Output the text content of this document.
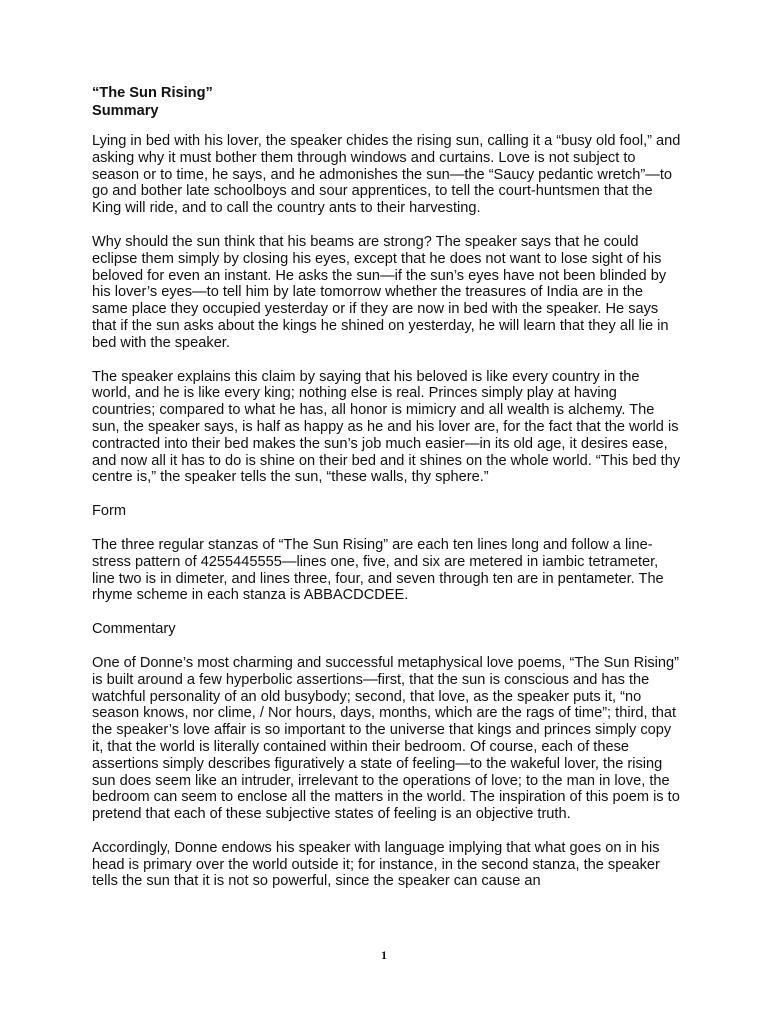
“The Sun Rising”
Summary

Lying in bed with his lover, the speaker chides the rising sun, calling it a “busy old fool,” and asking why it must bother them through windows and curtains. Love is not subject to season or to time, he says, and he admonishes the sun—the “Saucy pedantic wretch”—to go and bother late schoolboys and sour apprentices, to tell the court-huntsmen that the King will ride, and to call the country ants to their harvesting.

Why should the sun think that his beams are strong? The speaker says that he could eclipse them simply by closing his eyes, except that he does not want to lose sight of his beloved for even an instant. He asks the sun—if the sun’s eyes have not been blinded by his lover’s eyes—to tell him by late tomorrow whether the treasures of India are in the same place they occupied yesterday or if they are now in bed with the speaker. He says that if the sun asks about the kings he shined on yesterday, he will learn that they all lie in bed with the speaker.

The speaker explains this claim by saying that his beloved is like every country in the world, and he is like every king; nothing else is real. Princes simply play at having countries; compared to what he has, all honor is mimicry and all wealth is alchemy. The sun, the speaker says, is half as happy as he and his lover are, for the fact that the world is contracted into their bed makes the sun’s job much easier—in its old age, it desires ease, and now all it has to do is shine on their bed and it shines on the whole world. “This bed thy centre is,” the speaker tells the sun, “these walls, thy sphere.”

Form

The three regular stanzas of “The Sun Rising” are each ten lines long and follow a line-stress pattern of 4255445555—lines one, five, and six are metered in iambic tetrameter, line two is in dimeter, and lines three, four, and seven through ten are in pentameter. The rhyme scheme in each stanza is ABBACDCDEE.

Commentary

One of Donne’s most charming and successful metaphysical love poems, “The Sun Rising” is built around a few hyperbolic assertions—first, that the sun is conscious and has the watchful personality of an old busybody; second, that love, as the speaker puts it, “no season knows, nor clime, / Nor hours, days, months, which are the rags of time”; third, that the speaker’s love affair is so important to the universe that kings and princes simply copy it, that the world is literally contained within their bedroom. Of course, each of these assertions simply describes figuratively a state of feeling—to the wakeful lover, the rising sun does seem like an intruder, irrelevant to the operations of love; to the man in love, the bedroom can seem to enclose all the matters in the world. The inspiration of this poem is to pretend that each of these subjective states of feeling is an objective truth.

Accordingly, Donne endows his speaker with language implying that what goes on in his head is primary over the world outside it; for instance, in the second stanza, the speaker tells the sun that it is not so powerful, since the speaker can cause an

1
